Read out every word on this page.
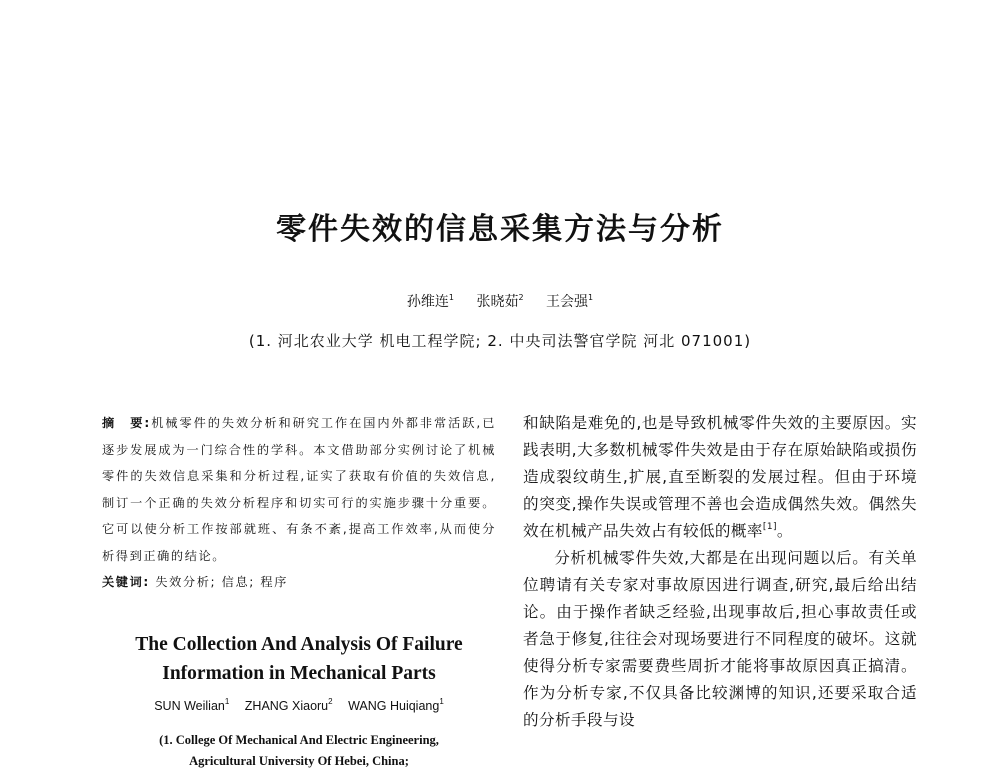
零件失效的信息采集方法与分析
孙维连$^1$ 张晓茹$^2$ 王会强$^1$
(1. 河北农业大学 机电工程学院; 2. 中央司法警官学院 河北 071001)

摘　要:机械零件的失效分析和研究工作在国内外都非常活跃,已逐步发展成为一门综合性的学科。本文借助部分实例讨论了机械零件的失效信息采集和分析过程,证实了获取有价值的失效信息,制订一个正确的失效分析程序和切实可行的实施步骤十分重要。它可以使分析工作按部就班、有条不紊,提高工作效率,从而使分析得到正确的结论。

关键词: 失效分析; 信息; 程序

The Collection And Analysis Of Failure
Information in Mechanical Parts
SUN Weilian$^1$ ZHANG Xiaoru$^2$ WANG Huiqiang$^1$
(1. College Of Mechanical And Electric Engineering,
Agricultural University Of Hebei, China;

和缺陷是难免的,也是导致机械零件失效的主要原因。实践表明,大多数机械零件失效是由于存在原始缺陷或损伤造成裂纹萌生,扩展,直至断裂的发展过程。但由于环境的突变,操作失误或管理不善也会造成偶然失效。偶然失效在机械产品失效占有较低的概率[1]。

分析机械零件失效,大都是在出现问题以后。有关单位聘请有关专家对事故原因进行调查,研究,最后给出结论。由于操作者缺乏经验,出现事故后,担心事故责任或者急于修复,往往会对现场要进行不同程度的破坏。这就使得分析专家需要费些周折才能将事故原因真正搞清。作为分析专家,不仅具备比较渊博的知识,还要采取合适的分析手段与设
